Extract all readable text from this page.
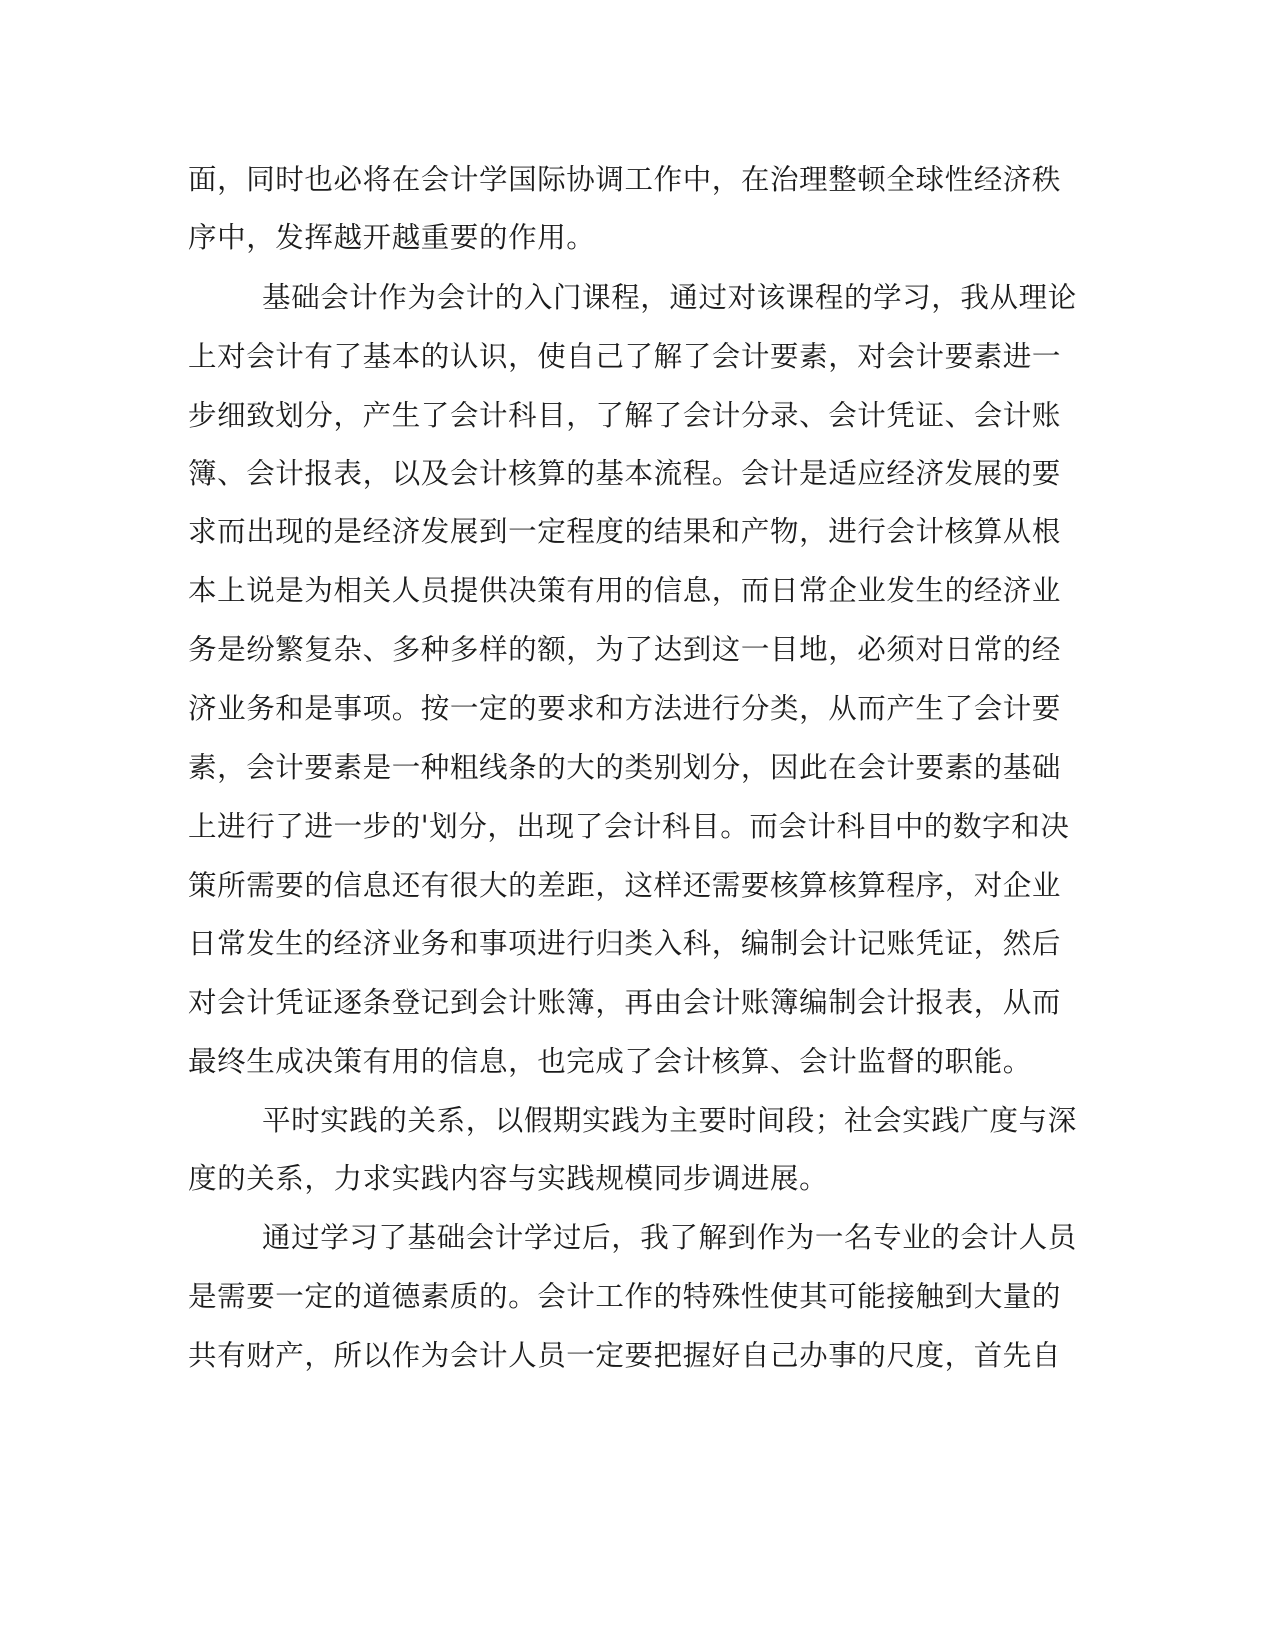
面，同时也必将在会计学国际协调工作中，在治理整顿全球性经济秩
序中，发挥越开越重要的作用。
基础会计作为会计的入门课程，通过对该课程的学习，我从理论
上对会计有了基本的认识，使自己了解了会计要素，对会计要素进一
步细致划分，产生了会计科目，了解了会计分录、会计凭证、会计账
簿、会计报表，以及会计核算的基本流程。会计是适应经济发展的要
求而出现的是经济发展到一定程度的结果和产物，进行会计核算从根
本上说是为相关人员提供决策有用的信息，而日常企业发生的经济业
务是纷繁复杂、多种多样的额，为了达到这一目地，必须对日常的经
济业务和是事项。按一定的要求和方法进行分类，从而产生了会计要
素，会计要素是一种粗线条的大的类别划分，因此在会计要素的基础
上进行了进一步的'划分，出现了会计科目。而会计科目中的数字和决
策所需要的信息还有很大的差距，这样还需要核算核算程序，对企业
日常发生的经济业务和事项进行归类入科，编制会计记账凭证，然后
对会计凭证逐条登记到会计账簿，再由会计账簿编制会计报表，从而
最终生成决策有用的信息，也完成了会计核算、会计监督的职能。
平时实践的关系，以假期实践为主要时间段；社会实践广度与深
度的关系，力求实践内容与实践规模同步调进展。
通过学习了基础会计学过后，我了解到作为一名专业的会计人员
是需要一定的道德素质的。会计工作的特殊性使其可能接触到大量的
共有财产，所以作为会计人员一定要把握好自己办事的尺度，首先自
